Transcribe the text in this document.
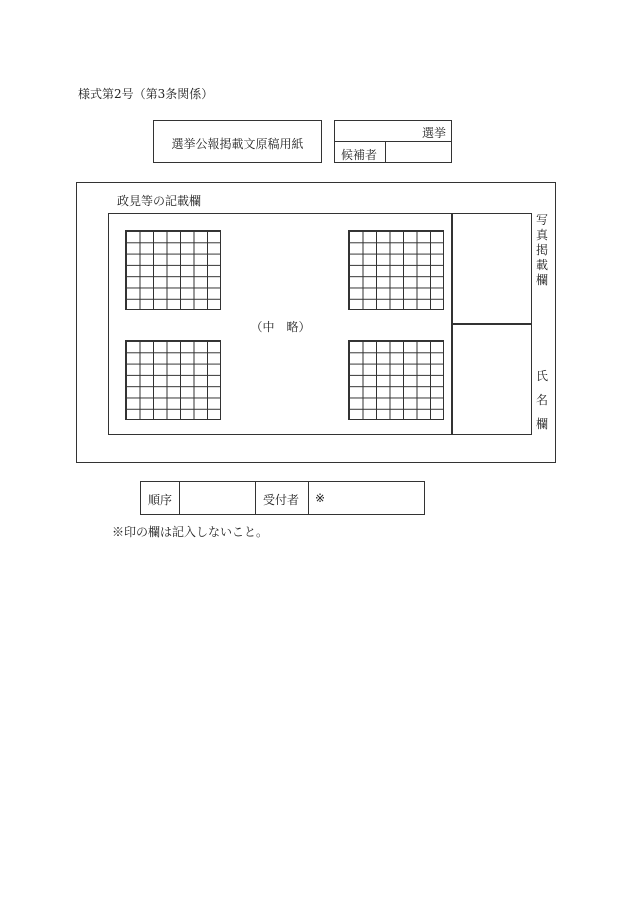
様式第2号（第3条関係）
選挙公報掲載文原稿用紙
選挙
候補者
政見等の記載欄
（中　略）
写
真
掲
載
欄
氏
名
欄
順序	受付者 ※
※印の欄は記入しないこと。
